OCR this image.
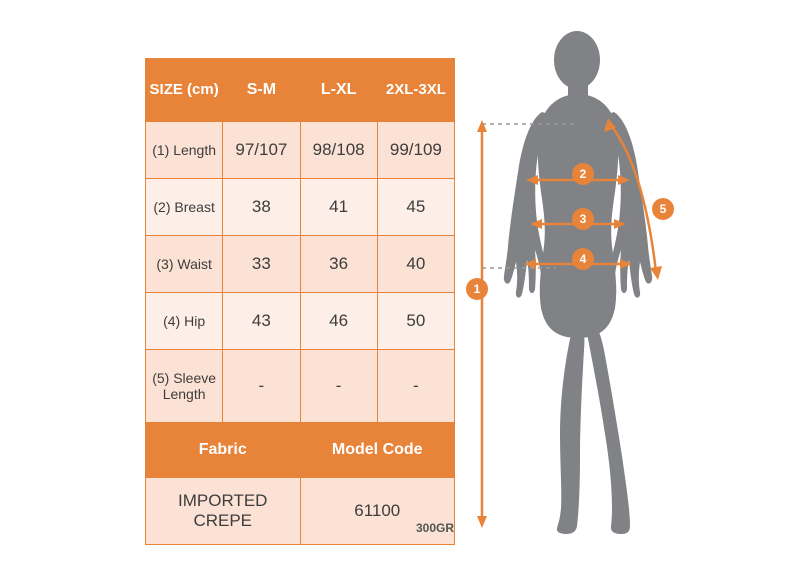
SIZE (cm)	S-M	L-XL	2XL-3XL
(1) Length	97/107	98/108	99/109
(2) Breast	38	41	45
(3) Waist	33	36	40
(4) Hip	43	46	50
(5) Sleeve Length	-	-	-
Fabric		Model Code	
IMPORTED CREPE		61100	
300GR
1
2
3
4
5
